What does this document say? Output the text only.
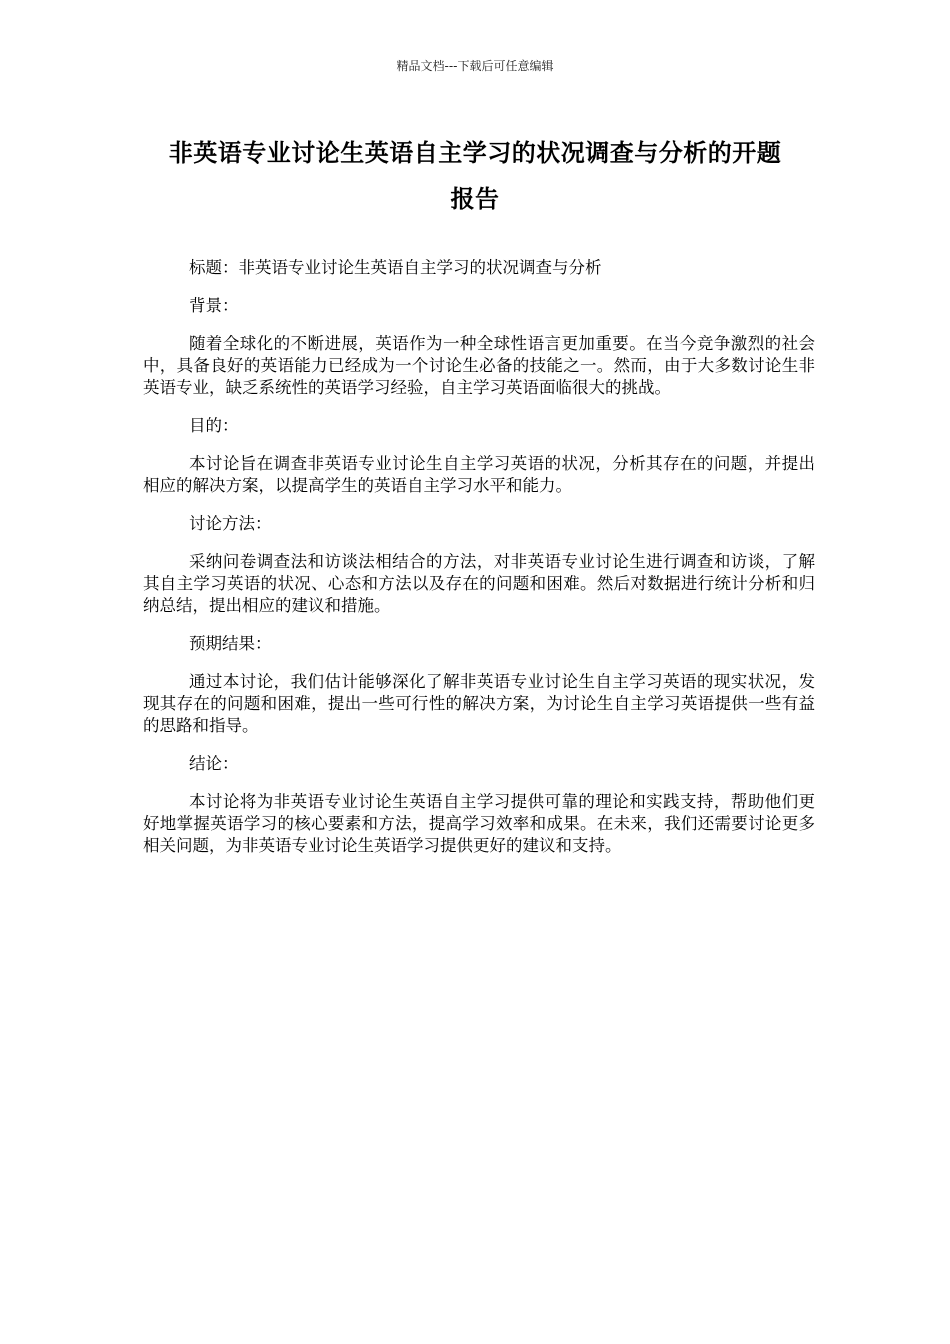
精品文档---下载后可任意编辑
非英语专业讨论生英语自主学习的状况调查与分析的开题
报告

标题：非英语专业讨论生英语自主学习的状况调查与分析

背景：

随着全球化的不断进展，英语作为一种全球性语言更加重要。在当今竞争激烈的社会中，具备良好的英语能力已经成为一个讨论生必备的技能之一。然而，由于大多数讨论生非英语专业，缺乏系统性的英语学习经验，自主学习英语面临很大的挑战。

目的：

本讨论旨在调查非英语专业讨论生自主学习英语的状况，分析其存在的问题，并提出相应的解决方案，以提高学生的英语自主学习水平和能力。

讨论方法：

采纳问卷调查法和访谈法相结合的方法，对非英语专业讨论生进行调查和访谈，了解其自主学习英语的状况、心态和方法以及存在的问题和困难。然后对数据进行统计分析和归纳总结，提出相应的建议和措施。

预期结果：

通过本讨论，我们估计能够深化了解非英语专业讨论生自主学习英语的现实状况，发现其存在的问题和困难，提出一些可行性的解决方案，为讨论生自主学习英语提供一些有益的思路和指导。

结论：

本讨论将为非英语专业讨论生英语自主学习提供可靠的理论和实践支持，帮助他们更好地掌握英语学习的核心要素和方法，提高学习效率和成果。在未来，我们还需要讨论更多相关问题，为非英语专业讨论生英语学习提供更好的建议和支持。
